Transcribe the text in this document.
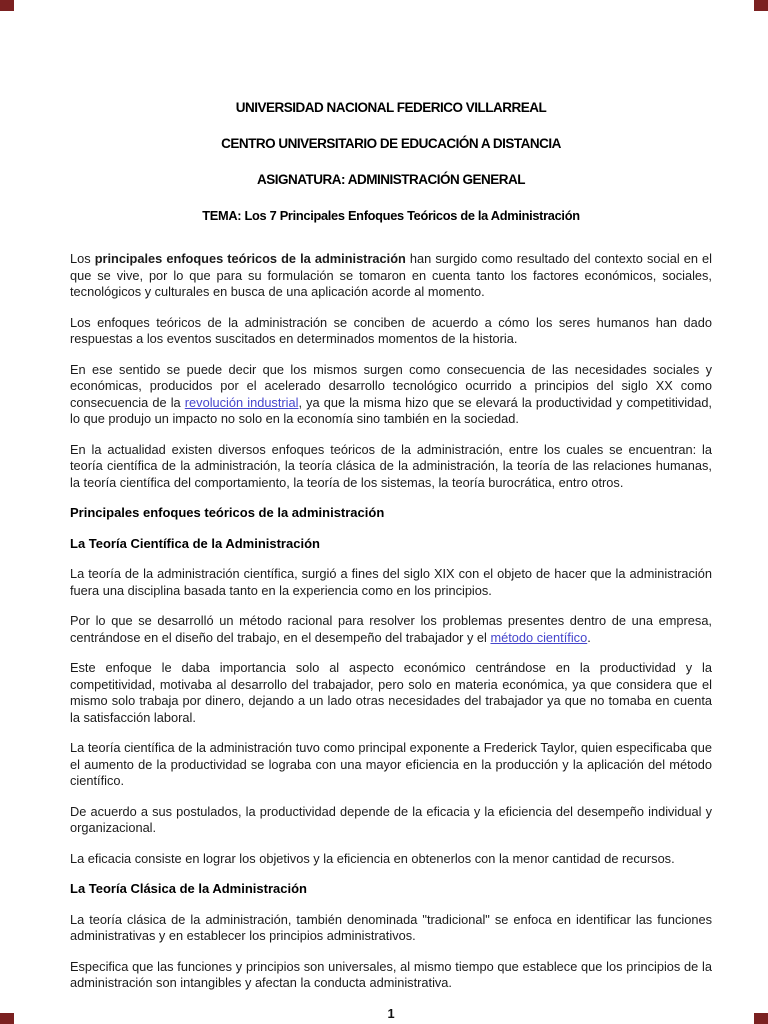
UNIVERSIDAD NACIONAL FEDERICO VILLARREAL
CENTRO UNIVERSITARIO DE EDUCACIÓN A DISTANCIA
ASIGNATURA: ADMINISTRACIÓN GENERAL
TEMA: Los 7 Principales Enfoques Teóricos de la Administración

Los principales enfoques teóricos de la administración han surgido como resultado del contexto social en el que se vive, por lo que para su formulación se tomaron en cuenta tanto los factores económicos, sociales, tecnológicos y culturales en busca de una aplicación acorde al momento.

Los enfoques teóricos de la administración se conciben de acuerdo a cómo los seres humanos han dado respuestas a los eventos suscitados en determinados momentos de la historia.

En ese sentido se puede decir que los mismos surgen como consecuencia de las necesidades sociales y económicas, producidos por el acelerado desarrollo tecnológico ocurrido a principios del siglo XX como consecuencia de la revolución industrial, ya que la misma hizo que se elevará la productividad y competitividad, lo que produjo un impacto no solo en la economía sino también en la sociedad.

En la actualidad existen diversos enfoques teóricos de la administración, entre los cuales se encuentran: la teoría científica de la administración, la teoría clásica de la administración, la teoría de las relaciones humanas, la teoría científica del comportamiento, la teoría de los sistemas, la teoría burocrática, entro otros.

Principales enfoques teóricos de la administración
La Teoría Científica de la Administración

La teoría de la administración científica, surgió a fines del siglo XIX con el objeto de hacer que la administración fuera una disciplina basada tanto en la experiencia como en los principios.

Por lo que se desarrolló un método racional para resolver los problemas presentes dentro de una empresa, centrándose en el diseño del trabajo, en el desempeño del trabajador y el método científico.

Este enfoque le daba importancia solo al aspecto económico centrándose en la productividad y la competitividad, motivaba al desarrollo del trabajador, pero solo en materia económica, ya que considera que el mismo solo trabaja por dinero, dejando a un lado otras necesidades del trabajador ya que no tomaba en cuenta la satisfacción laboral.

La teoría científica de la administración tuvo como principal exponente a Frederick Taylor, quien especificaba que el aumento de la productividad se lograba con una mayor eficiencia en la producción y la aplicación del método científico.

De acuerdo a sus postulados, la productividad depende de la eficacia y la eficiencia del desempeño individual y organizacional.

La eficacia consiste en lograr los objetivos y la eficiencia en obtenerlos con la menor cantidad de recursos.

La Teoría Clásica de la Administración

La teoría clásica de la administración, también denominada "tradicional" se enfoca en identificar las funciones administrativas y en establecer los principios administrativos.

Especifica que las funciones y principios son universales, al mismo tiempo que establece que los principios de la administración son intangibles y afectan la conducta administrativa.

1
